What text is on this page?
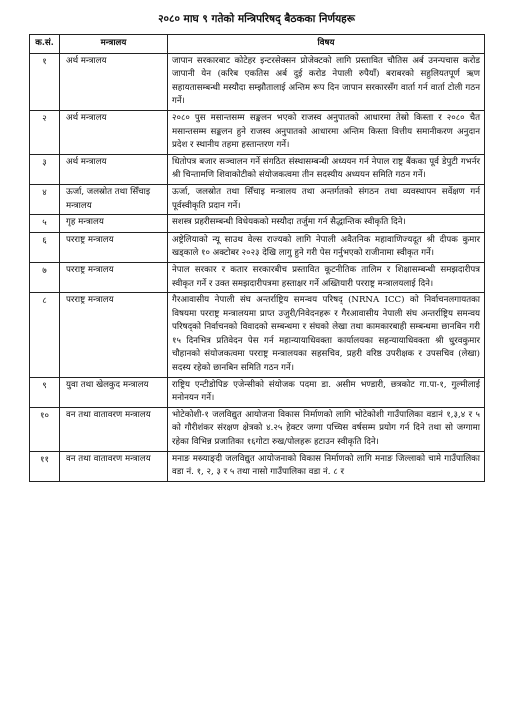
२०८० माघ ९ गतेको मन्त्रिपरिषद् बैठकका निर्णयहरू
क.सं.	मन्त्रालय	विषय
१	अर्थ मन्त्रालय	जापान सरकारबाट कोटेहर इन्टरसेक्सन प्रोजेक्टको लागि प्रस्तावित चौतिस अर्ब उनन्पचास करोड जापानी येन (करिब एकतिस अर्ब दुई करोड नेपाली रुपैयाँ) बराबरको सहुलियतपूर्ण ऋण सहायतासम्बन्धी मस्यौदा सम्झौतालाई अन्तिम रूप दिन जापान सरकारसँग वार्ता गर्न वार्ता टोली गठन गर्ने।
२	अर्थ मन्त्रालय	२०८० पुस मसान्तसम्म सङ्कलन भएको राजस्व अनुपातको आधारमा तेस्रो किस्ता र २०८० चैत मसान्तसम्म सङ्कलन हुने राजस्व अनुपातको आधारमा अन्तिम किस्ता वित्तीय समानीकरण अनुदान प्रदेश र स्थानीय तहमा हस्तान्तरण गर्ने।
३	अर्थ मन्त्रालय	धितोपत्र बजार सञ्चालन गर्ने संगठित संस्थासम्बन्धी अध्ययन गर्न नेपाल राष्ट्र बैंकका पूर्व डेपुटी गभर्नर श्री चिन्तामणि शिवाकोटीको संयोजकत्वमा तीन सदस्यीय अध्ययन समिति गठन गर्ने।
४	ऊर्जा, जलस्रोत तथा सिँचाइ मन्त्रालय	ऊर्जा, जलस्रोत तथा सिँचाइ मन्त्रालय तथा अन्तर्गतको संगठन तथा व्यवस्थापन सर्वेक्षण गर्न पूर्वस्वीकृति प्रदान गर्ने।
५	गृह मन्त्रालय	सशस्त्र प्रहरीसम्बन्धी विधेयकको मस्यौदा तर्जुमा गर्न सैद्धान्तिक स्वीकृति दिने।
६	परराष्ट्र मन्त्रालय	अष्ट्रेलियाको न्यू साउथ वेल्स राज्यको लागि नेपाली अवैतनिक महावाणिज्यदूत श्री दीपक कुमार खड्काले १० अक्टोबर २०२३ देखि लागु हुने गरी पेस गर्नुभएको राजीनामा स्वीकृत गर्ने।
७	परराष्ट्र मन्त्रालय	नेपाल सरकार र कतार सरकारबीच प्रस्तावित कूटनीतिक तालिम र शिक्षासम्बन्धी समझदारीपत्र स्वीकृत गर्ने र उक्त समझदारीपत्रमा हस्ताक्षर गर्ने अख्तियारी परराष्ट्र मन्त्रालयलाई दिने।
८	परराष्ट्र मन्त्रालय	गैरआवासीय नेपाली संघ अन्तर्राष्ट्रिय समन्वय परिषद् (NRNA ICC) को निर्वाचनलगायतका विषयमा परराष्ट्र मन्त्रालयमा प्राप्त उजुरी/निवेदनहरू र गैरआवासीय नेपाली संघ अन्तर्राष्ट्रिय समन्वय परिषद्को निर्वाचनको विवादको सम्बन्धमा र संघको लेखा तथा कामकारबाही सम्बन्धमा छानबिन गरी १५ दिनभित्र प्रतिवेदन पेस गर्न महान्यायाधिवक्ता कार्यालयका सहन्यायाधिवक्ता श्री धु्रवकुमार चौहानको संयोजकत्वमा परराष्ट्र मन्त्रालयका सहसचिव, प्रहरी वरिष्ठ उपरीक्षक र उपसचिव (लेखा) सदस्य रहेको छानबिन समिति गठन गर्ने।
९	युवा तथा खेलकुद मन्त्रालय	राष्ट्रिय एन्टीडोपिङ एजेन्सीको संयोजक पदमा डा. असीम भण्डारी, छत्रकोट गा.पा-१, गुल्मीलाई मनोनयन गर्ने।
१०	वन तथा वातावरण मन्त्रालय	भोटेकोशी-१ जलविद्युत आयोजना विकास निर्माणको लागि भोटेकोशी गाउँपालिका वडानं १,३,४ र ५ को गौरीशंकर संरक्षण क्षेत्रको ४.२५ हेक्टर जग्गा पच्चिस वर्षसम्म प्रयोग गर्न दिने तथा सो जग्गामा रहेका विभिन्न प्रजातिका १६गोटा रुख/पोलहरू हटाउन स्वीकृति दिने।
११	वन तथा वातावरण मन्त्रालय	मनाङ मस्र्याङ्दी जलविद्युत आयोजनाको विकास निर्माणको लागि मनाङ जिल्लाको चामे गाउँपालिका वडा नं. १, २, ३ र ५ तथा नासो गाउँपालिका वडा नं. ८ र
